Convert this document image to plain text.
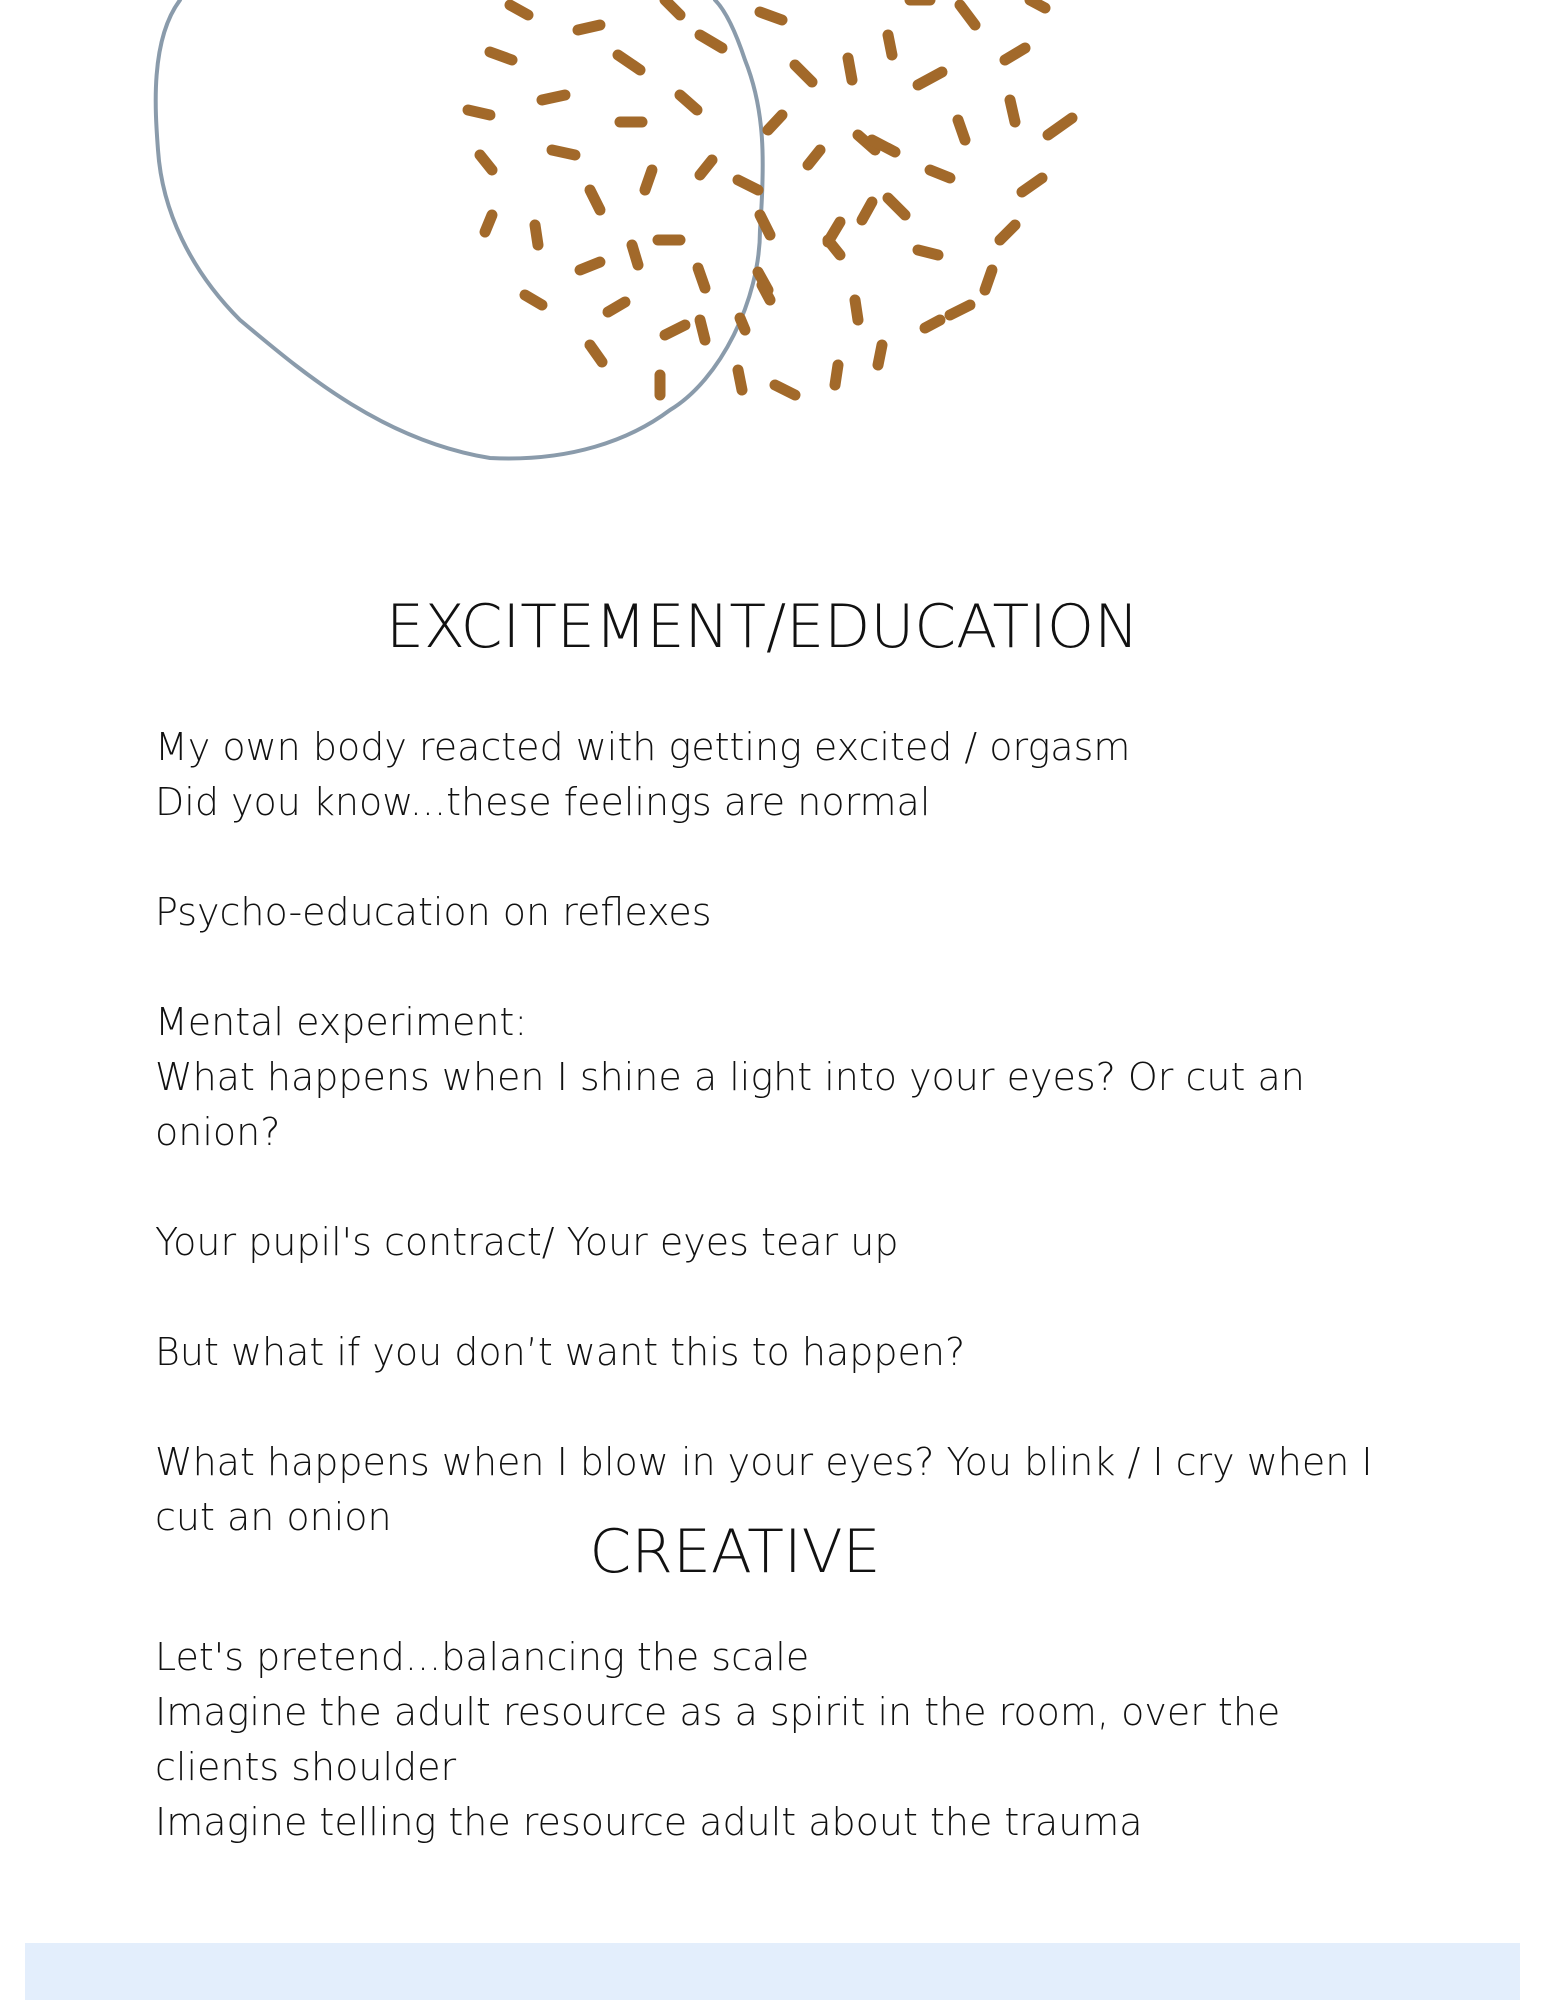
EXCITEMENT/EDUCATION

My own body reacted with getting excited / orgasm

Did you know...these feelings are normal

Psycho-education on reflexes

Mental experiment:

What happens when I shine a light into your eyes? Or cut an onion?

Your pupil's contract/ Your eyes tear up

But what if you don’t want this to happen?

What happens when I blow in your eyes? You blink / I cry when I cut an onion	CREATIVE

Let's pretend...balancing the scale

Imagine the adult resource as a spirit in the room, over the clients shoulder

Imagine telling the resource adult about the trauma
